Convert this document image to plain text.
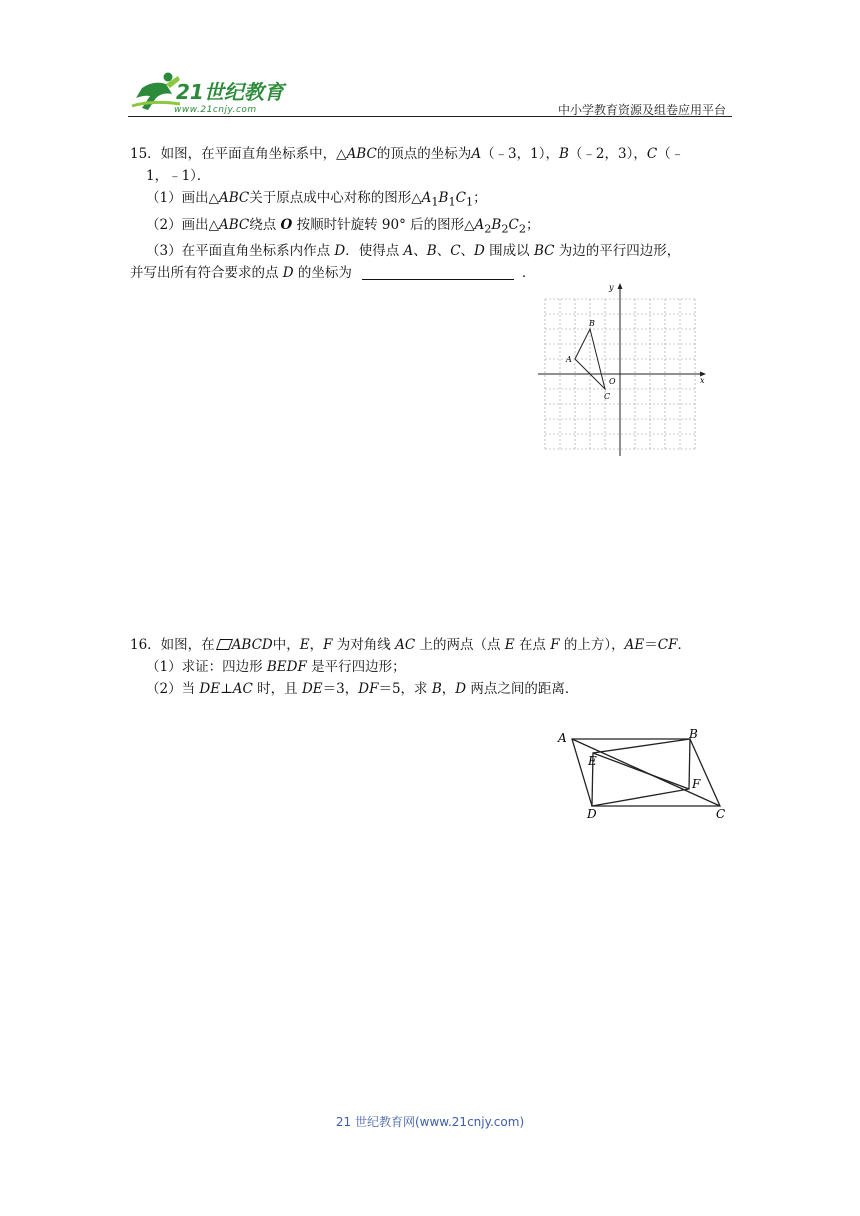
21世纪教育
www.21cnjy.com	中小学教育资源及组卷应用平台
15．如图，在平面直角坐标系中，△ABC的顶点的坐标为A（﹣3，1），B（﹣2，3），C（﹣
1，﹣1）．
（1）画出△ABC关于原点成中心对称的图形$\triangle A_1B_1C_1$；
（2）画出△ABC绕点 O 按顺时针旋转 90° 后的图形$\triangle A_2B_2C_2$；
（3）在平面直角坐标系内作点 D．使得点 A、B、C、D 围成以 BC 为边的平行四边形，
并写出所有符合要求的点 D 的坐标为	．
y
x
O
A
B
C
16．如图，在 ABCD中，E，F 为对角线 AC 上的两点（点 E 在点 F 的上方），AE＝CF．
（1）求证：四边形 BEDF 是平行四边形；
（2）当 DE⊥AC 时，且 DE＝3，DF＝5，求 B，D 两点之间的距离．
A	B
C
D
E
F
21 世纪教育网(www.21cnjy.com)
